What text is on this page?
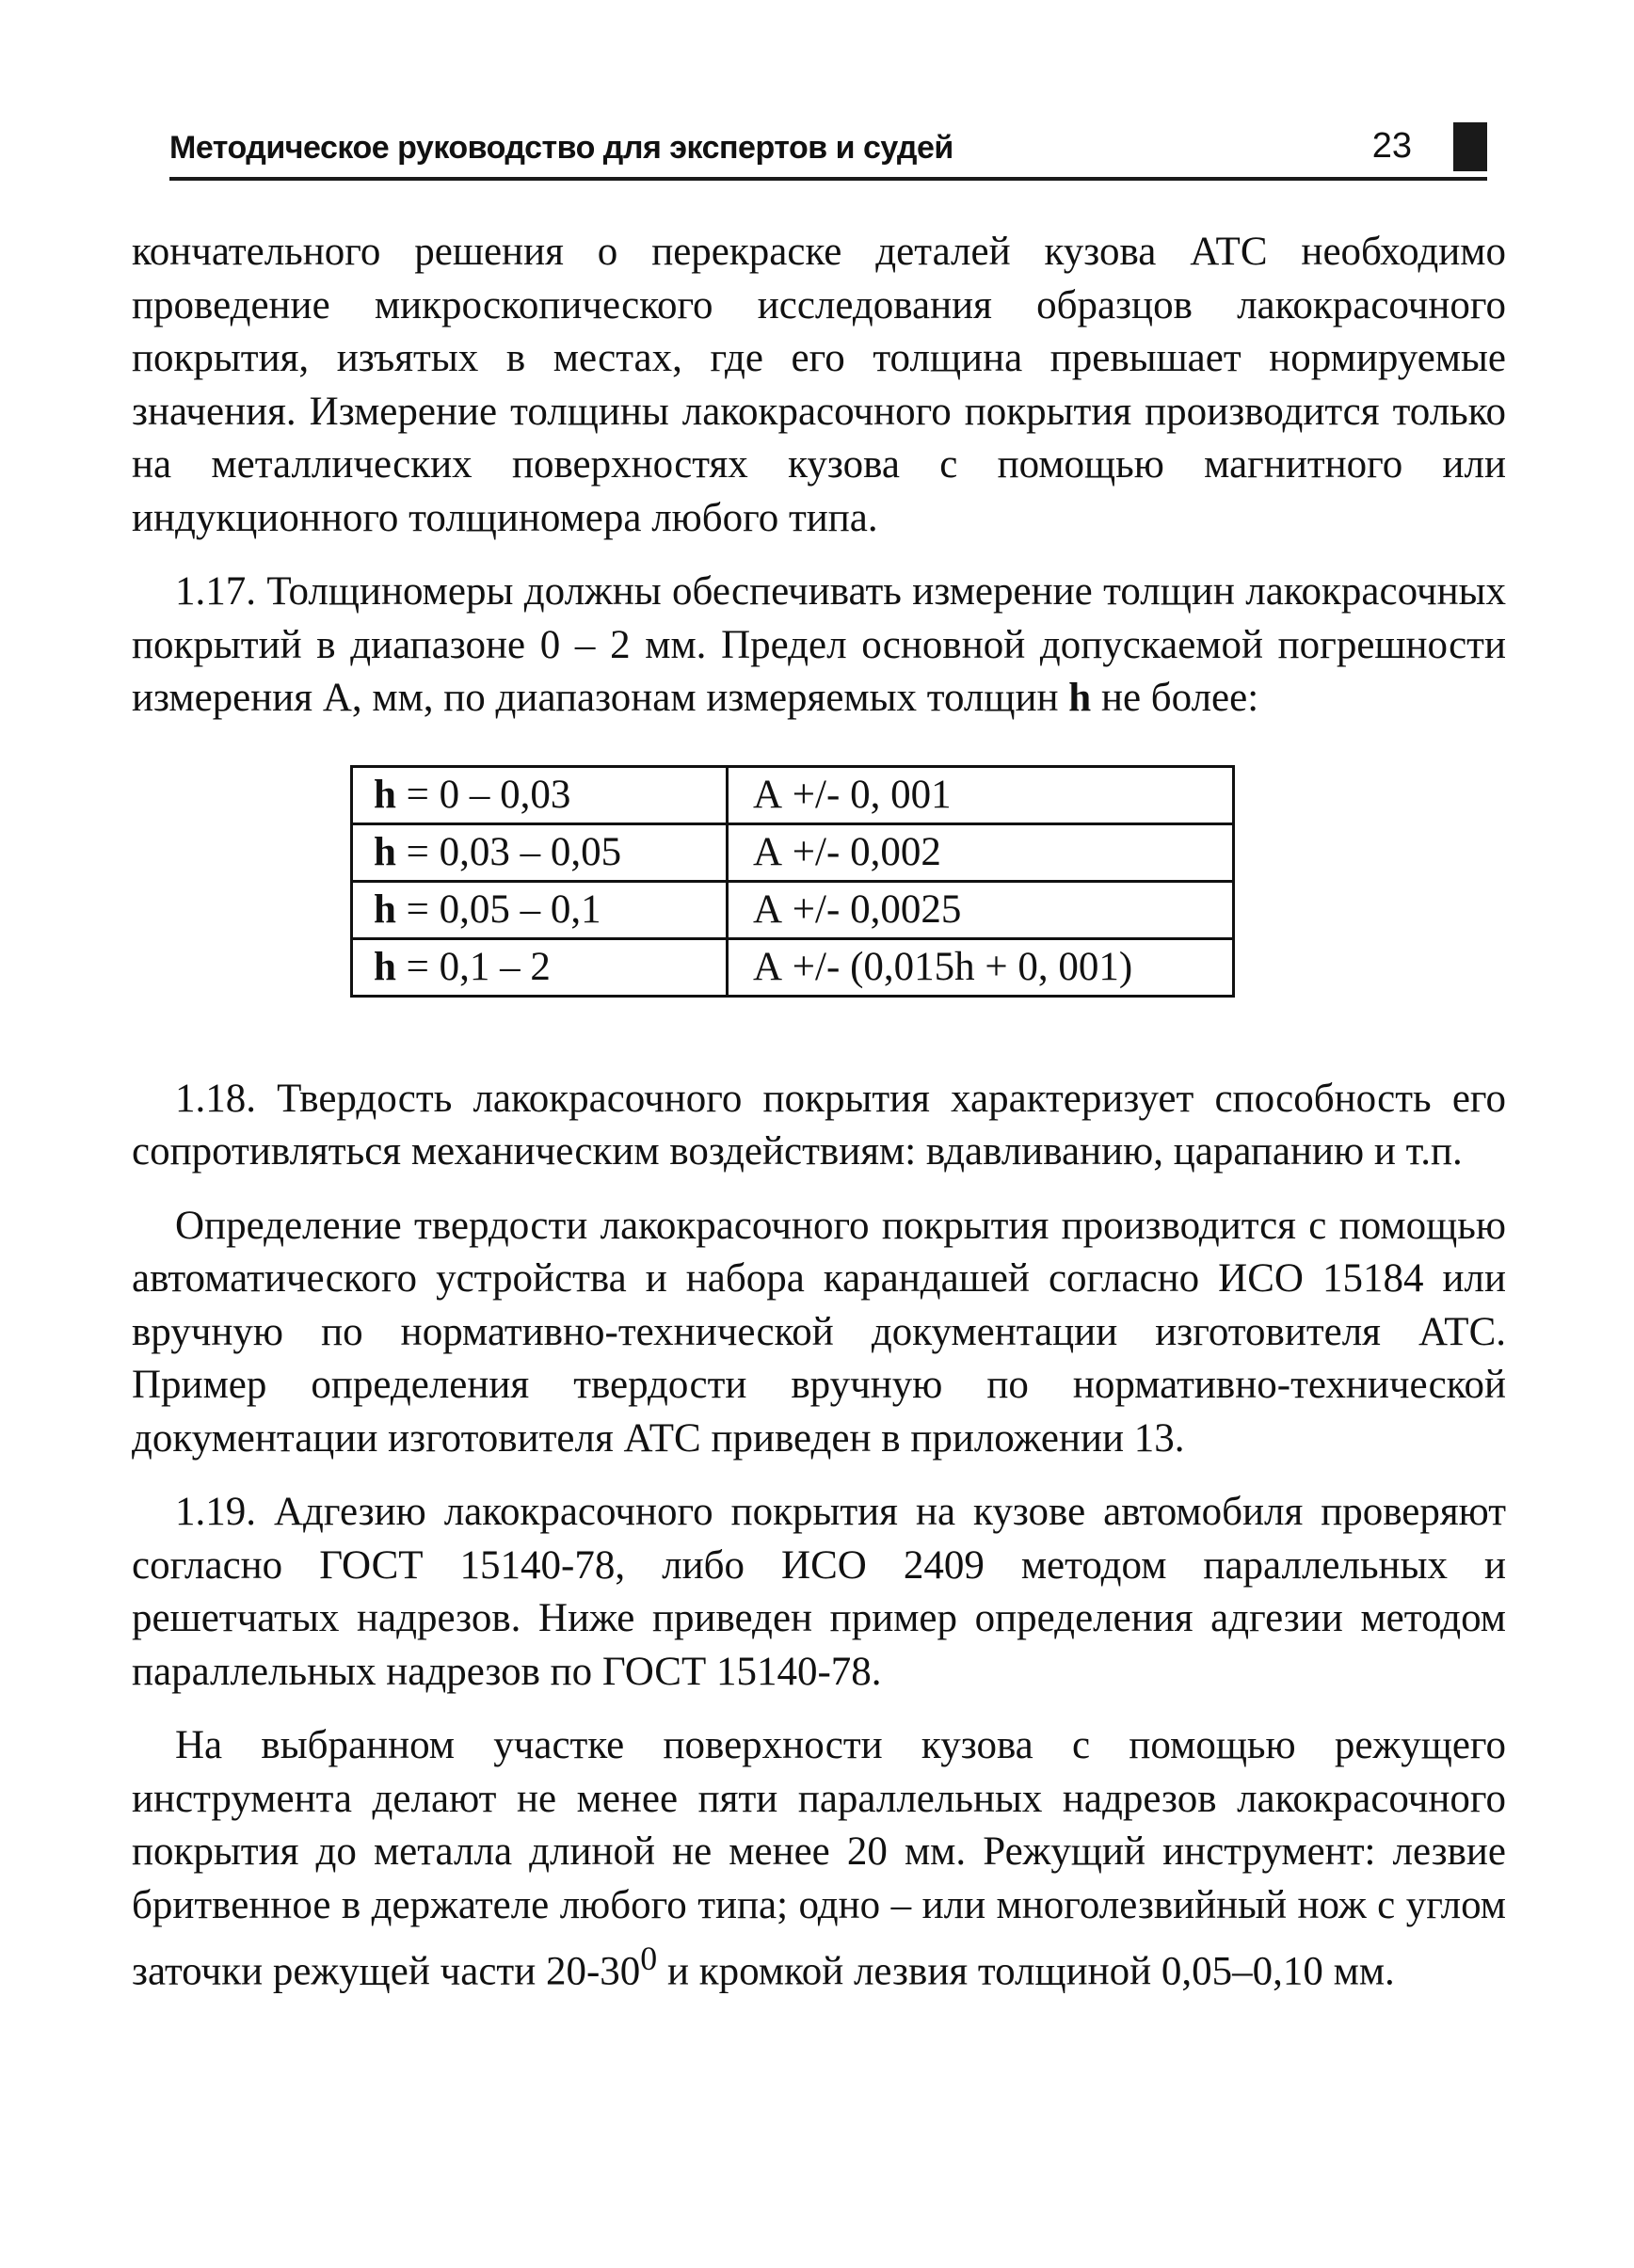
Методическое руководство для экспертов и судей	23

кончательного решения о перекраске деталей кузова АТС необходимо проведение микроскопического исследования образцов лакокрасочного покрытия, изъятых в местах, где его толщина превышает нормируемые значения. Измерение толщины лакокрасочного покрытия производится только на металлических поверхностях кузова с помощью магнитного или индукционного толщиномера любого типа.

1.17. Толщиномеры должны обеспечивать измерение толщин лакокрасочных покрытий в диапазоне 0 – 2 мм. Предел основной допускаемой погрешности измерения А, мм, по диапазонам измеряемых толщин h не более:

h = 0 – 0,03	А +/- 0, 001
h = 0,03 – 0,05	А +/- 0,002
h = 0,05 – 0,1	А +/- 0,0025
h = 0,1 – 2	А +/- (0,015h + 0, 001)

1.18. Твердость лакокрасочного покрытия характеризует способность его сопротивляться механическим воздействиям: вдавливанию, царапанию и т.п.

Определение твердости лакокрасочного покрытия производится с помощью автоматического устройства и набора карандашей согласно ИСО 15184 или вручную по нормативно-технической документации изготовителя АТС. Пример определения твердости вручную по нормативно-технической документации изготовителя АТС приведен в приложении 13.

1.19. Адгезию лакокрасочного покрытия на кузове автомобиля проверяют согласно ГОСТ 15140-78, либо ИСО 2409 методом параллельных и решетчатых надрезов. Ниже приведен пример определения адгезии методом параллельных надрезов по ГОСТ 15140-78.

На выбранном участке поверхности кузова с помощью режущего инструмента делают не менее пяти параллельных надрезов лакокрасочного покрытия до металла длиной не менее 20 мм. Режущий инструмент: лезвие бритвенное в держателе любого типа; одно – или многолезвийный нож с углом заточки режущей части $20-30^0$ и кромкой лезвия толщиной 0,05–0,10 мм.
